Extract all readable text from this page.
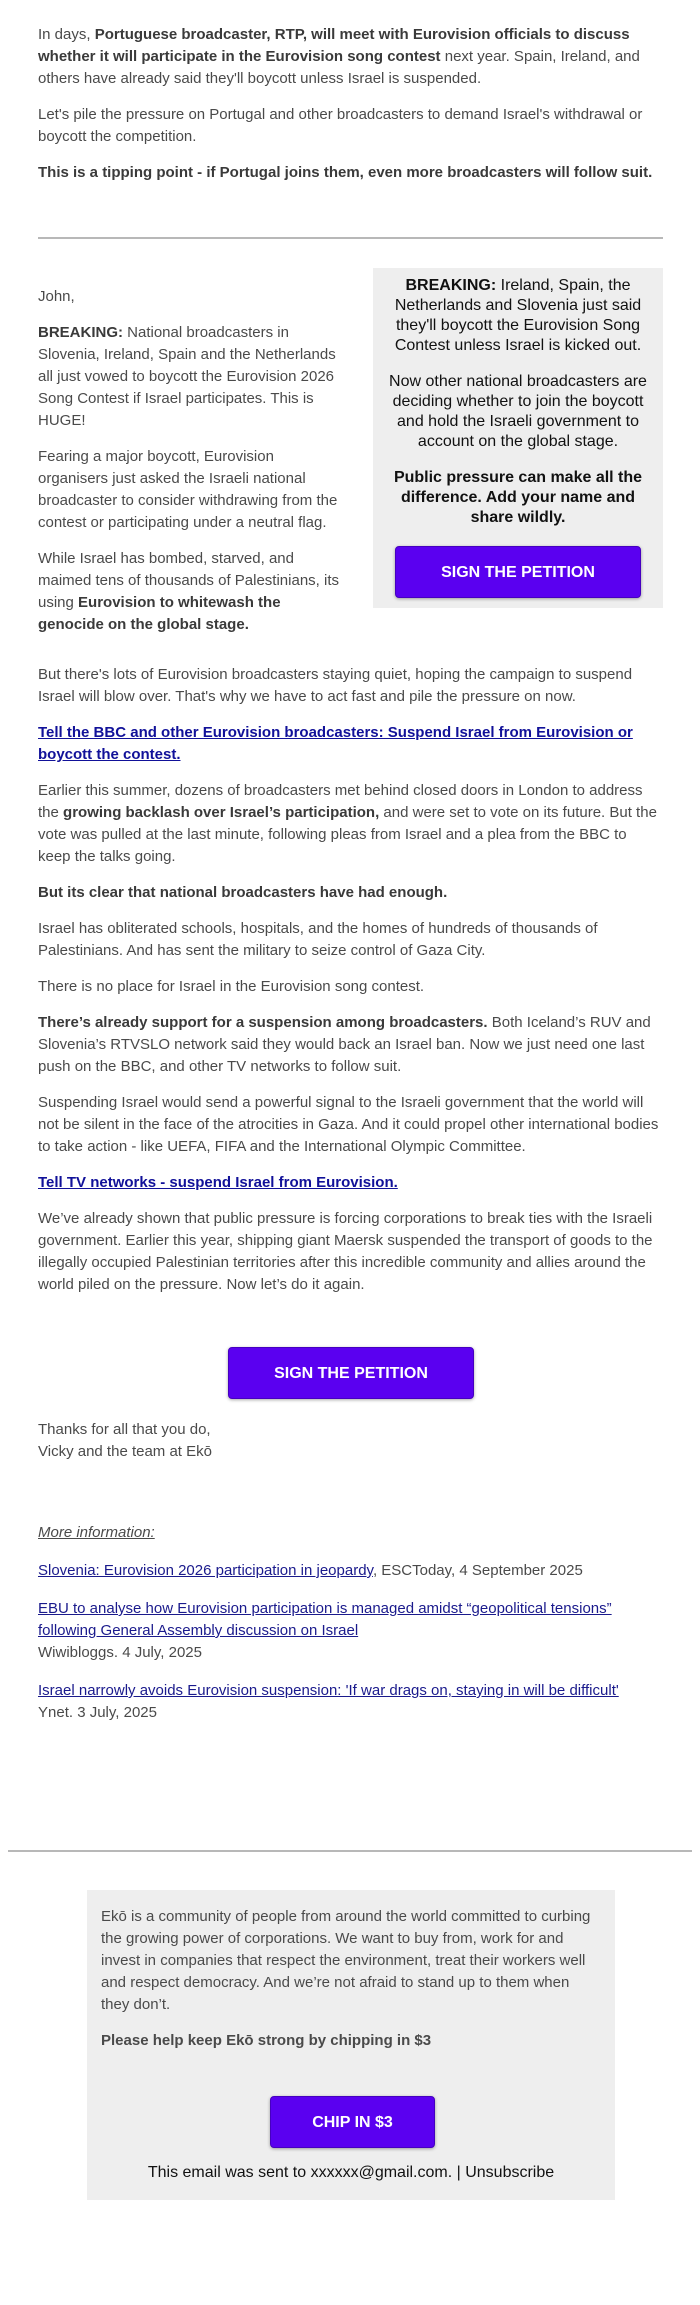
In days, Portuguese broadcaster, RTP, will meet with Eurovision officials to discuss whether it will participate in the Eurovision song contest next year. Spain, Ireland, and others have already said they'll boycott unless Israel is suspended.

Let's pile the pressure on Portugal and other broadcasters to demand Israel's withdrawal or boycott the competition.

This is a tipping point - if Portugal joins them, even more broadcasters will follow suit.

BREAKING: Ireland, Spain, the Netherlands and Slovenia just said they'll boycott the Eurovision Song Contest unless Israel is kicked out.

Now other national broadcasters are deciding whether to join the boycott and hold the Israeli government to account on the global stage.

Public pressure can make all the difference. Add your name and share wildly.

SIGN THE PETITION

John,

BREAKING: National broadcasters in Slovenia, Ireland, Spain and the Netherlands all just vowed to boycott the Eurovision 2026 Song Contest if Israel participates. This is HUGE!

Fearing a major boycott, Eurovision organisers just asked the Israeli national broadcaster to consider withdrawing from the contest or participating under a neutral flag.

While Israel has bombed, starved, and maimed tens of thousands of Palestinians, its using Eurovision to whitewash the genocide on the global stage.

But there's lots of Eurovision broadcasters staying quiet, hoping the campaign to suspend Israel will blow over. That's why we have to act fast and pile the pressure on now.

Tell the BBC and other Eurovision broadcasters: Suspend Israel from Eurovision or boycott the contest.

Earlier this summer, dozens of broadcasters met behind closed doors in London to address the growing backlash over Israel’s participation, and were set to vote on its future. But the vote was pulled at the last minute, following pleas from Israel and a plea from the BBC to keep the talks going.

But its clear that national broadcasters have had enough.

Israel has obliterated schools, hospitals, and the homes of hundreds of thousands of Palestinians. And has sent the military to seize control of Gaza City.

There is no place for Israel in the Eurovision song contest.

There’s already support for a suspension among broadcasters. Both Iceland’s RUV and Slovenia’s RTVSLO network said they would back an Israel ban. Now we just need one last push on the BBC, and other TV networks to follow suit.

Suspending Israel would send a powerful signal to the Israeli government that the world will not be silent in the face of the atrocities in Gaza. And it could propel other international bodies to take action - like UEFA, FIFA and the International Olympic Committee.

Tell TV networks - suspend Israel from Eurovision.

We’ve already shown that public pressure is forcing corporations to break ties with the Israeli government. Earlier this year, shipping giant Maersk suspended the transport of goods to the illegally occupied Palestinian territories after this incredible community and allies around the world piled on the pressure. Now let’s do it again.

SIGN THE PETITION

Thanks for all that you do,

Vicky and the team at Ekō

More information:

Slovenia: Eurovision 2026 participation in jeopardy, ESCToday, 4 September 2025

EBU to analyse how Eurovision participation is managed amidst “geopolitical tensions” following General Assembly discussion on Israel
Wiwibloggs. 4 July, 2025

Israel narrowly avoids Eurovision suspension: 'If war drags on, staying in will be difficult'
Ynet. 3 July, 2025

Ekō is a community of people from around the world committed to curbing the growing power of corporations. We want to buy from, work for and invest in companies that respect the environment, treat their workers well and respect democracy. And we’re not afraid to stand up to them when they don’t.

Please help keep Ekō strong by chipping in $3

This email was sent to xxxxxx@gmail.com. | Unsubscribe
CHIP IN $3
